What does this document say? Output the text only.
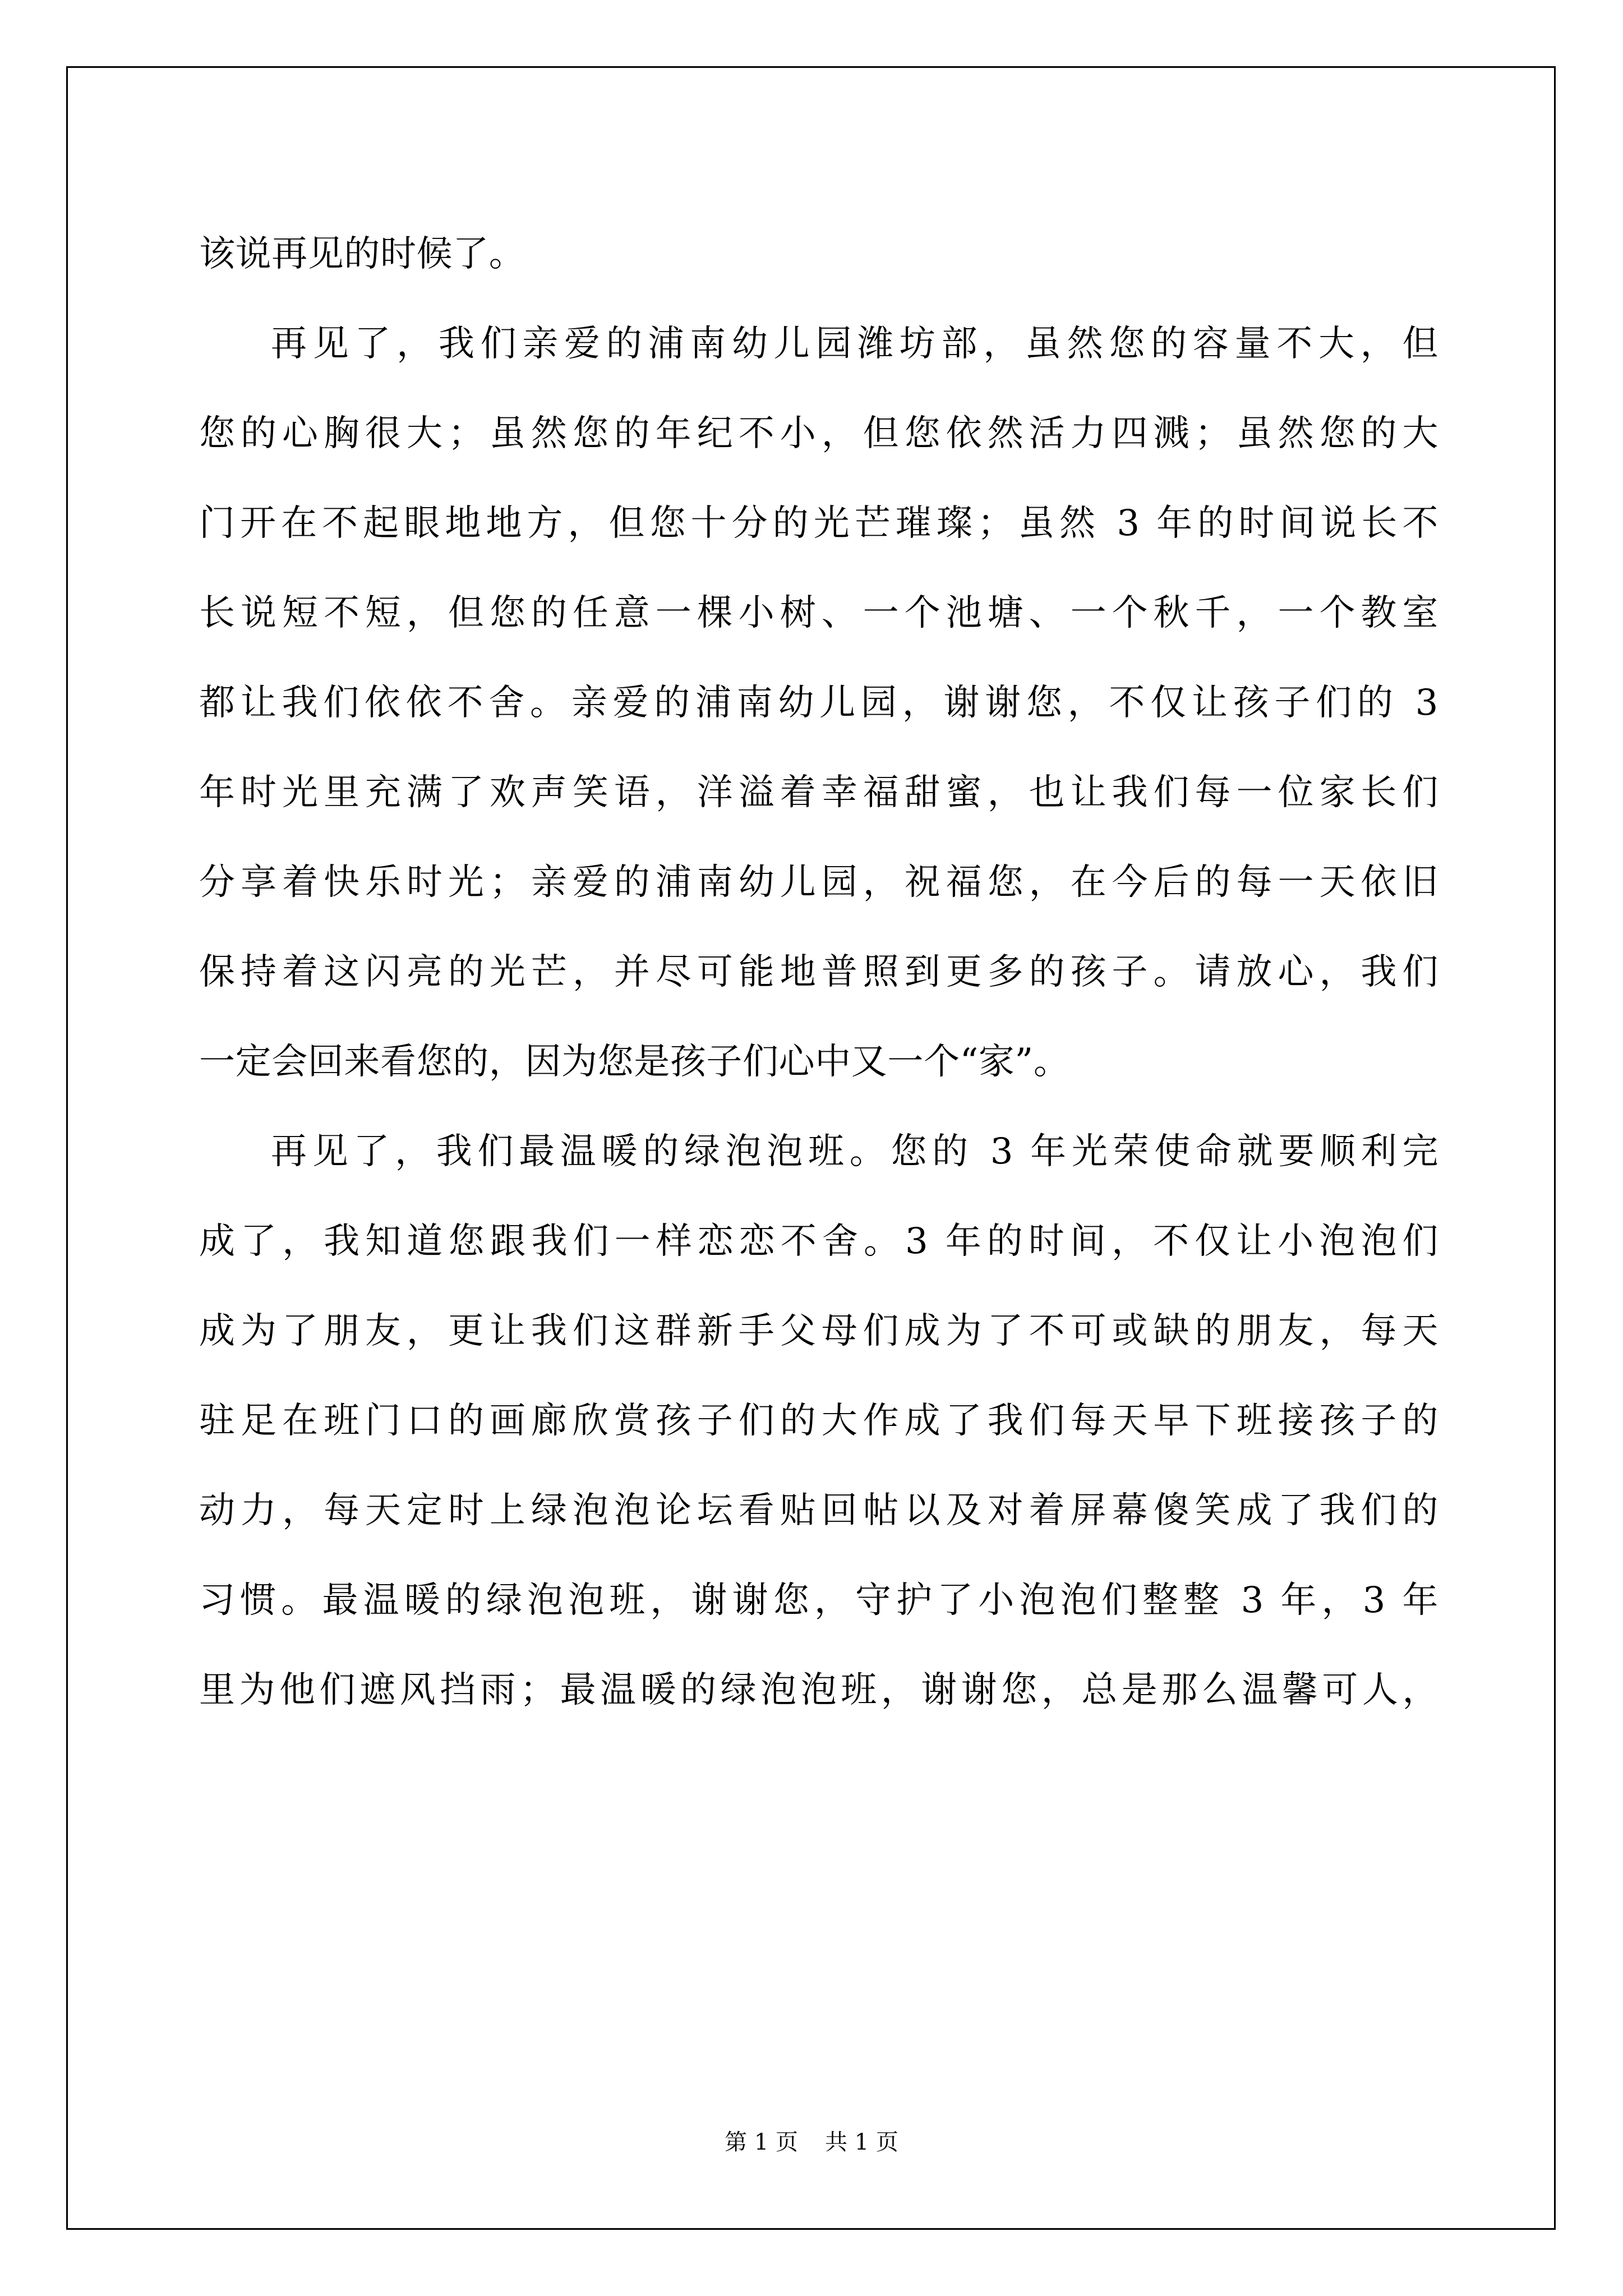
该说再见的时候了。
再见了，我们亲爱的浦南幼儿园潍坊部，虽然您的容量不大，但
您的心胸很大；虽然您的年纪不小，但您依然活力四溅；虽然您的大
门开在不起眼地地方，但您十分的光芒璀璨；虽然 3 年的时间说长不
长说短不短，但您的任意一棵小树、一个池塘、一个秋千，一个教室
都让我们依依不舍。亲爱的浦南幼儿园，谢谢您，不仅让孩子们的 3
年时光里充满了欢声笑语，洋溢着幸福甜蜜，也让我们每一位家长们
分享着快乐时光；亲爱的浦南幼儿园，祝福您，在今后的每一天依旧
保持着这闪亮的光芒，并尽可能地普照到更多的孩子。请放心，我们
一定会回来看您的，因为您是孩子们心中又一个“家”。
再见了，我们最温暖的绿泡泡班。您的 3 年光荣使命就要顺利完
成了，我知道您跟我们一样恋恋不舍。3 年的时间，不仅让小泡泡们
成为了朋友，更让我们这群新手父母们成为了不可或缺的朋友，每天
驻足在班门口的画廊欣赏孩子们的大作成了我们每天早下班接孩子的
动力，每天定时上绿泡泡论坛看贴回帖以及对着屏幕傻笑成了我们的
习惯。最温暖的绿泡泡班，谢谢您，守护了小泡泡们整整 3 年，3 年
里为他们遮风挡雨；最温暖的绿泡泡班，谢谢您，总是那么温馨可人，
第 1 页 共 1 页
